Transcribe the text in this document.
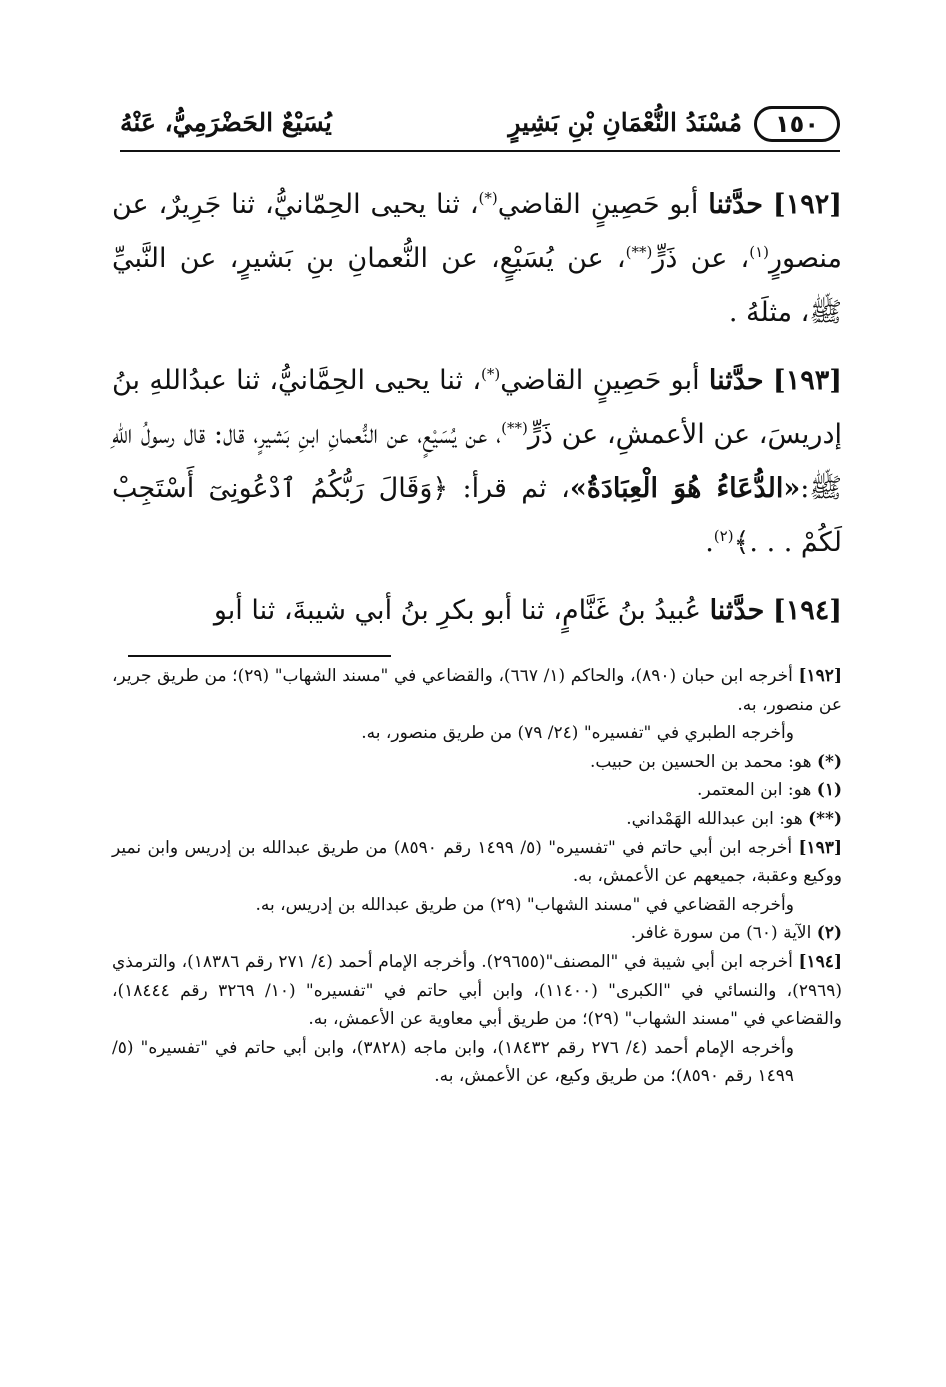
١٥٠
مُسْنَدُ النُّعْمَانِ بْنِ بَشِيرٍ
يُسَيْعٌ الحَضْرَمِيُّ، عَنْهُ

[١٩٢] حدَّثنا أبو حَصِينٍ القاضي(*)، ثنا يحيى الحِمّانيُّ، ثنا جَرِيرٌ، عن منصورٍ$^{(١)}$، عن ذَرٍّ(**)، عن يُسَيْعٍ، عن النُّعمانِ بنِ بَشيرٍ، عن النَّبيِّ ﷺ، مثلَهُ .

[١٩٣] حدَّثنا أبو حَصِينٍ القاضي(*)، ثنا يحيى الحِمَّانيُّ، ثنا عبدُاللهِ بنُ إدريسَ، عن الأعمشِ، عن ذَرٍّ(**)، عن يُسَيْعٍ، عن النُّعمانِ ابنِ بَشيرٍ، قال: قال رسولُ اللهِ ﷺ:«الدُّعَاءُ هُوَ الْعِبَادَةُ»، ثم قرأ: ﴿وَقَالَ رَبُّكُمُ ٱدْعُونِىٓ أَسْتَجِبْ لَكُمْ . . .﴾$^{(٢)}$.

[١٩٤] حدَّثنا عُبيدُ بنُ غَنَّامٍ، ثنا أبو بكرِ بنُ أبي شيبةَ، ثنا أبو

[١٩٢] أخرجه ابن حبان (٨٩٠)، والحاكم (١/ ٦٦٧)، والقضاعي في "مسند الشهاب" (٢٩)؛ من طريق جرير، عن منصور، به.

وأخرجه الطبري في "تفسيره" (٢٤/ ٧٩) من طريق منصور، به.

(*) هو: محمد بن الحسين بن حبيب.

(١) هو: ابن المعتمر.

(**) هو: ابن عبدالله الهَمْداني.

[١٩٣] أخرجه ابن أبي حاتم في "تفسيره" (٥/ ١٤٩٩ رقم ٨٥٩٠) من طريق عبدالله بن إدريس وابن نمير ووكيع وعقبة، جميعهم عن الأعمش، به.

وأخرجه القضاعي في "مسند الشهاب" (٢٩) من طريق عبدالله بن إدريس، به.

(٢) الآية (٦٠) من سورة غافر.

[١٩٤] أخرجه ابن أبي شيبة في "المصنف"(٢٩٦٥٥). وأخرجه الإمام أحمد (٤/ ٢٧١ رقم ١٨٣٨٦)، والترمذي (٢٩٦٩)، والنسائي في "الكبرى" (١١٤٠٠)، وابن أبي حاتم في "تفسيره" (١٠/ ٣٢٦٩ رقم ١٨٤٤٤)، والقضاعي في "مسند الشهاب" (٢٩)؛ من طريق أبي معاوية عن الأعمش، به.

وأخرجه الإمام أحمد (٤/ ٢٧٦ رقم ١٨٤٣٢)، وابن ماجه (٣٨٢٨)، وابن أبي حاتم في "تفسيره" (٥/ ١٤٩٩ رقم ٨٥٩٠)؛ من طريق وكيع، عن الأعمش، به.
